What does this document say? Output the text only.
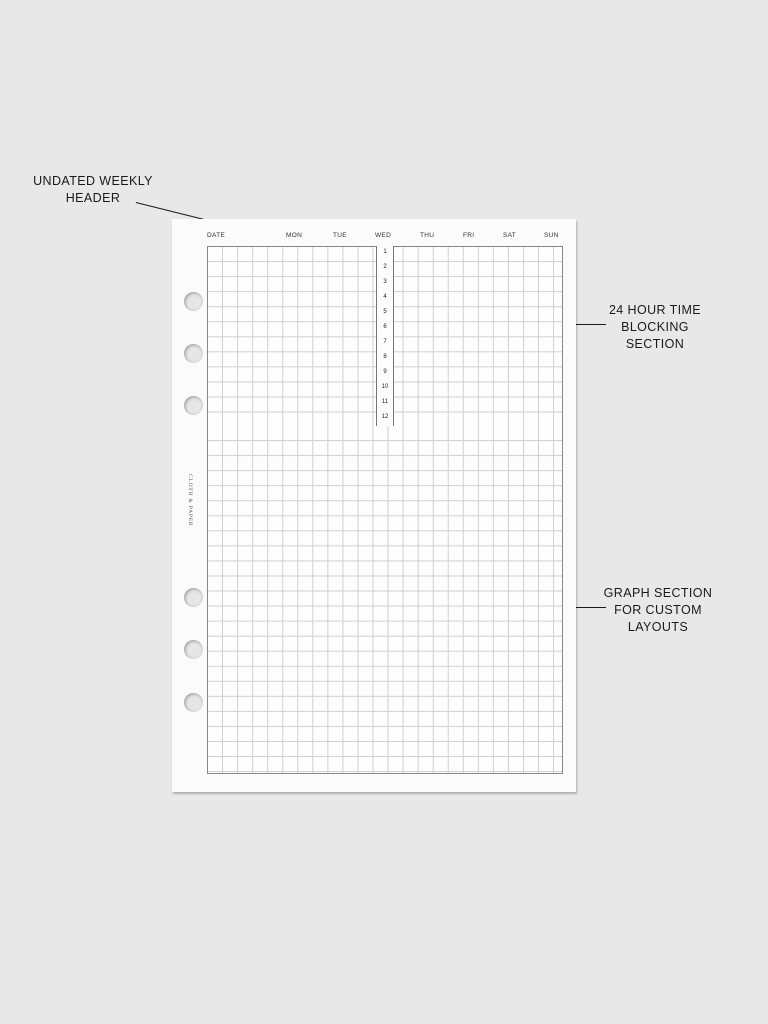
UNDATED WEEKLY
HEADER
24 HOUR TIME
BLOCKING
SECTION
GRAPH SECTION
FOR CUSTOM
LAYOUTS
CLOTH & PAPER
DATE	MON	TUE	WED	THU	FRI	SAT	SUN
1
2
3
4
5
6
7
8
9
10
11
12
